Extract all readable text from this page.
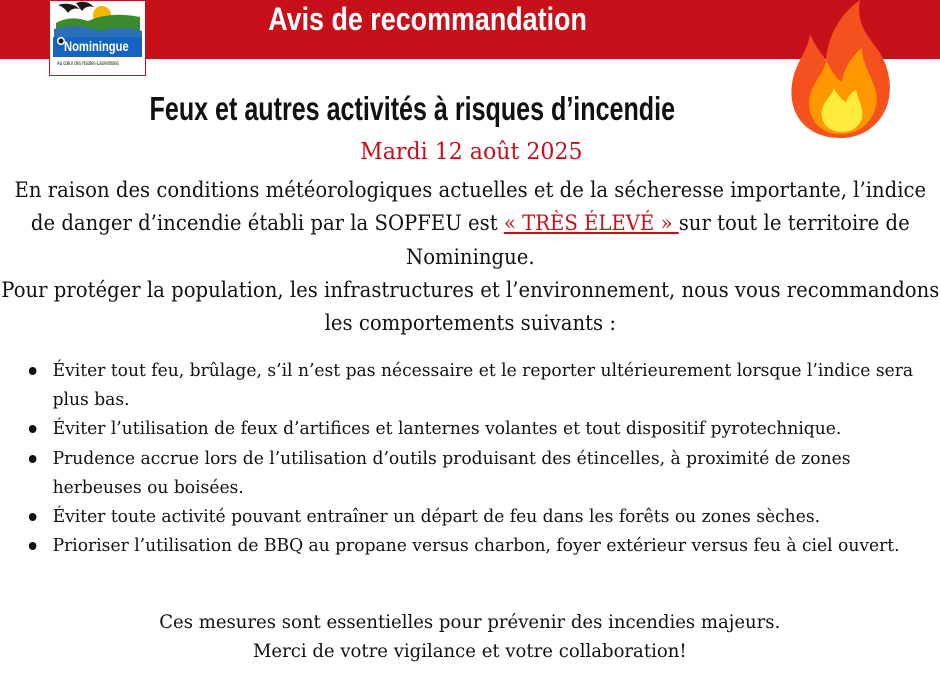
Avis de recommandation
Nominingue
Au cœur des Hautes-Laurentides
Feux et autres activités à risques d’incendie
Mardi 12 août 2025

En raison des conditions météorologiques actuelles et de la sécheresse importante, l’indice de danger d’incendie établi par la SOPFEU est « TRÈS ÉLEVÉ » sur tout le territoire de Nominingue.

Pour protéger la population, les infrastructures et l’environnement, nous vous recommandons les comportements suivants :

Éviter tout feu, brûlage, s’il n’est pas nécessaire et le reporter ultérieurement lorsque l’indice sera plus bas.
Éviter l’utilisation de feux d’artifices et lanternes volantes et tout dispositif pyrotechnique.
Prudence accrue lors de l’utilisation d’outils produisant des étincelles, à proximité de zones herbeuses ou boisées.
Éviter toute activité pouvant entraîner un départ de feu dans les forêts ou zones sèches.
Prioriser l’utilisation de BBQ au propane versus charbon, foyer extérieur versus feu à ciel ouvert.

Ces mesures sont essentielles pour prévenir des incendies majeurs.

Merci de votre vigilance et votre collaboration!
